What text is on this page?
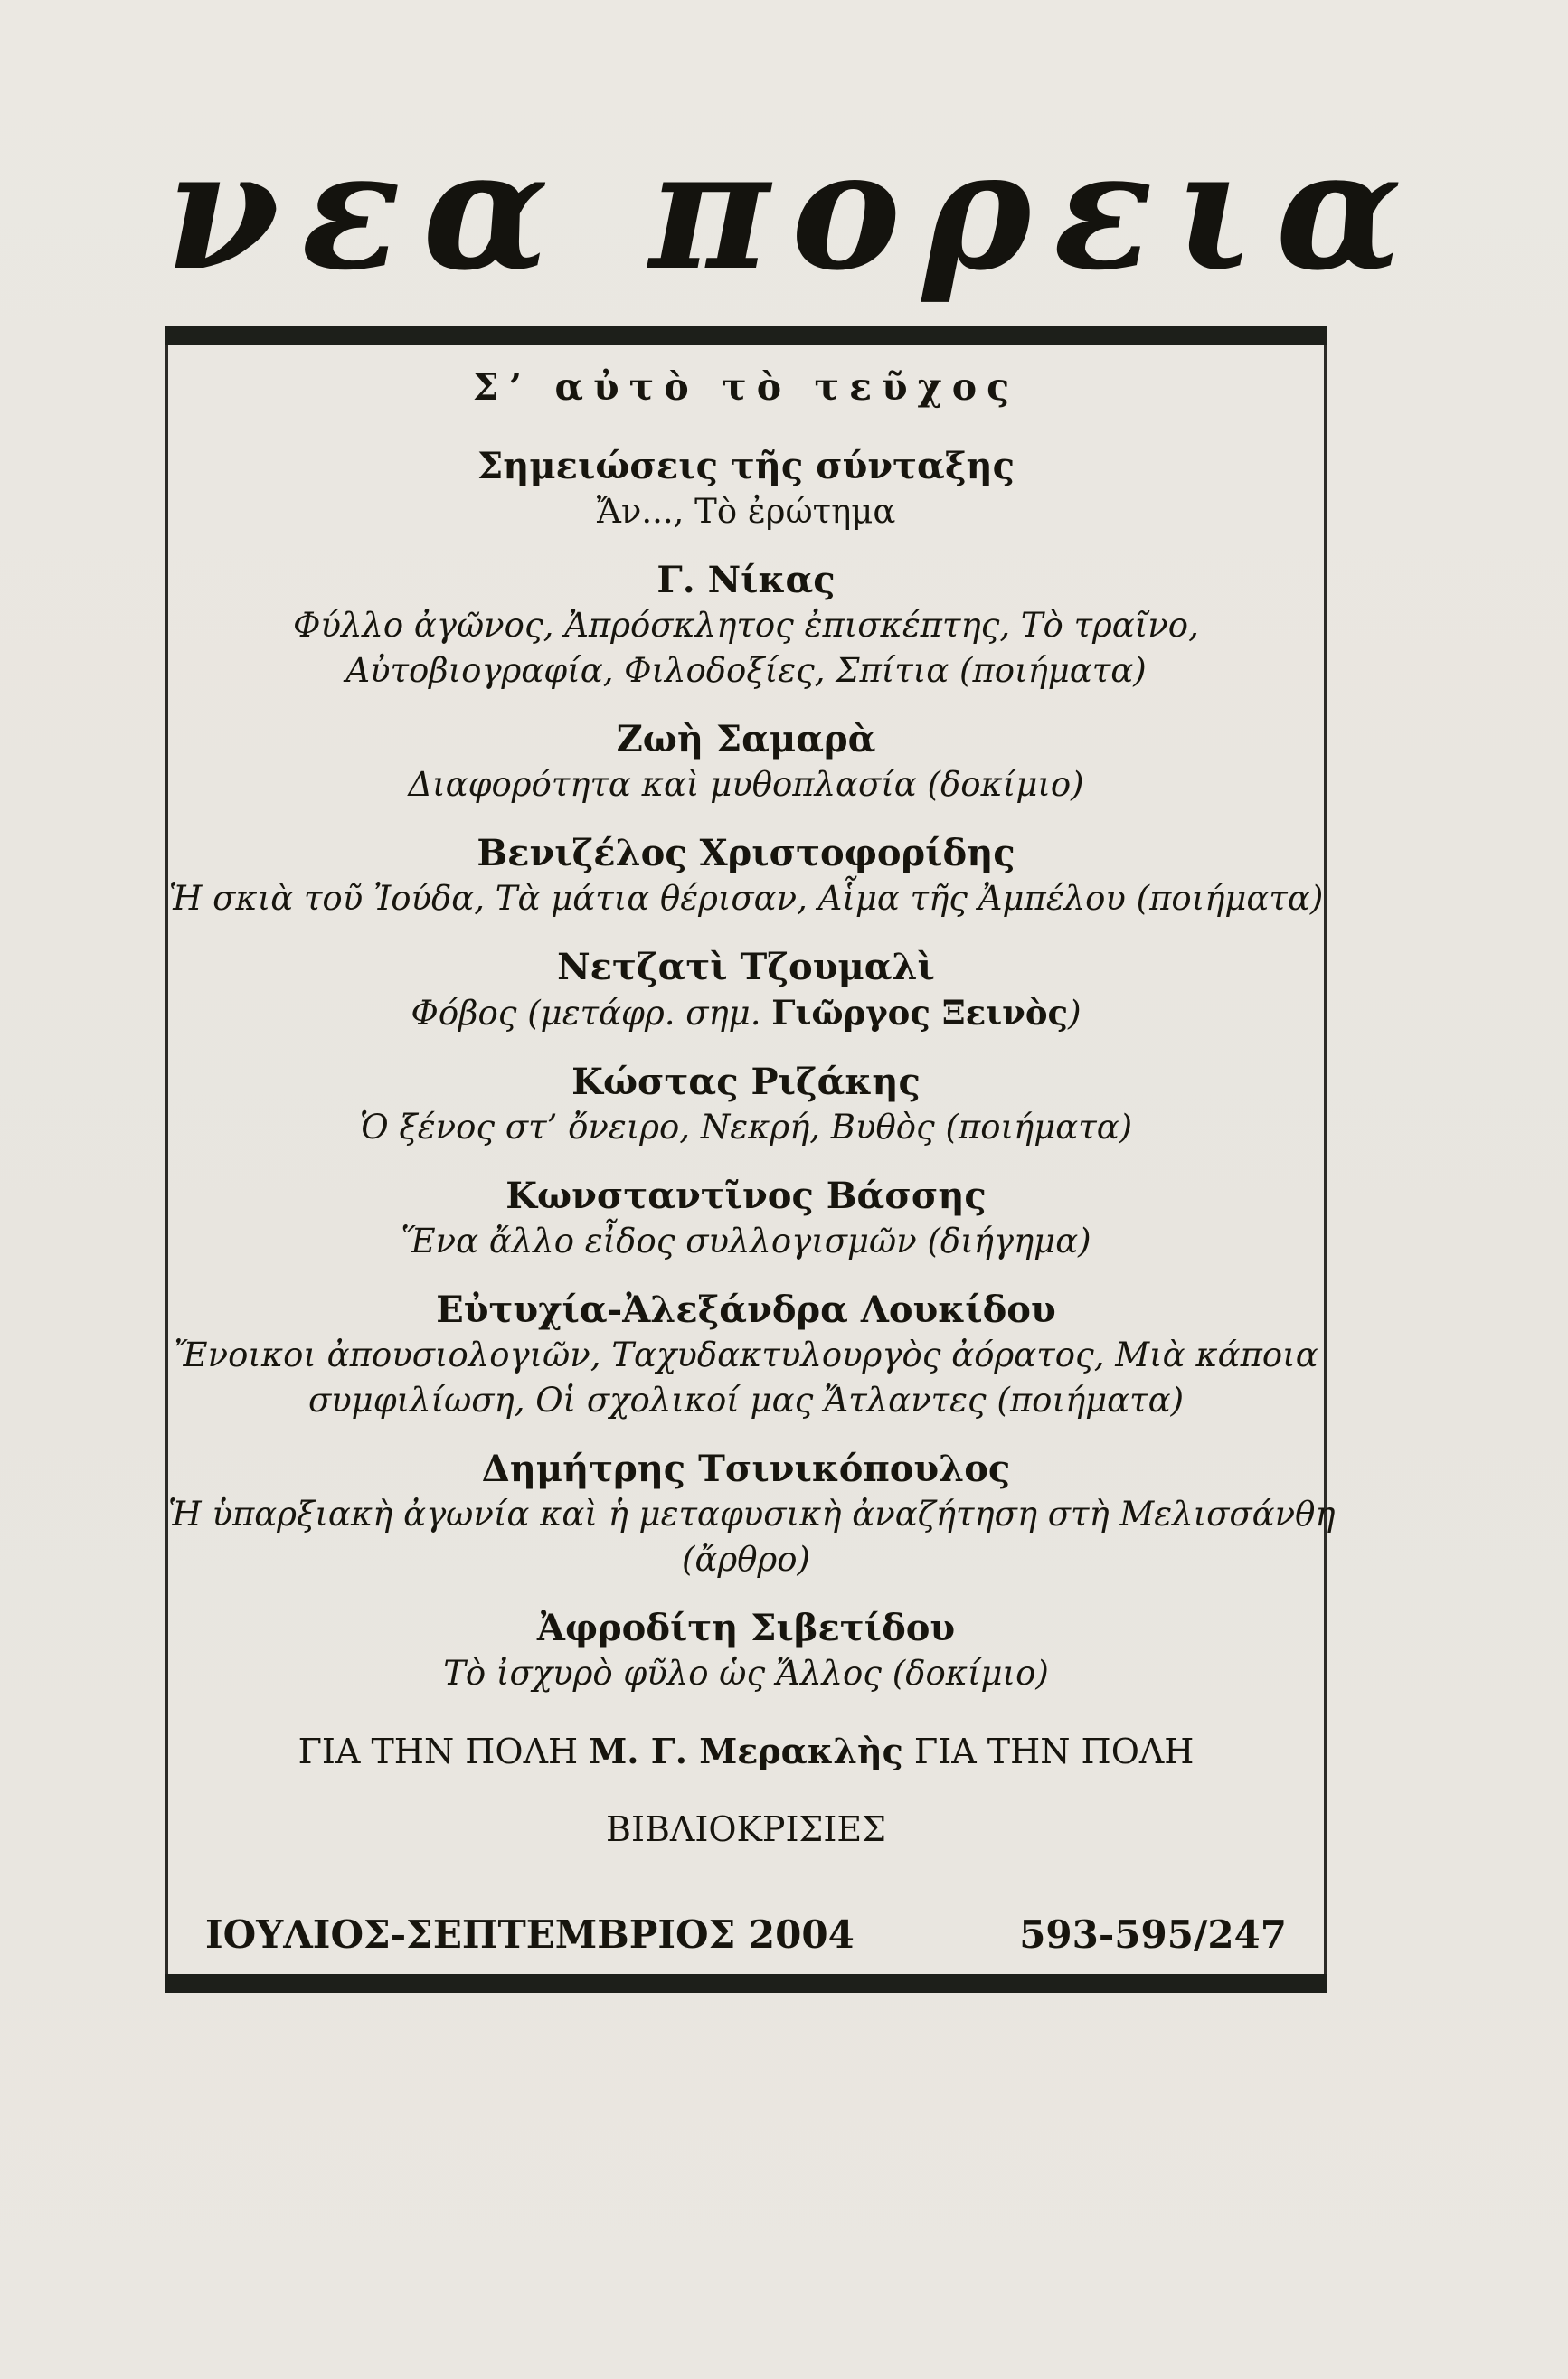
νεα πορεια
Σ’ αὐτὸ τὸ τεῦχος
Σημειώσεις τῆς σύνταξης
Ἄν..., Τὸ ἐρώτημα
Γ. Νίκας
Φύλλο ἀγῶνος, Ἀπρόσκλητος ἐπισκέπτης, Τὸ τραῖνο,
Αὐτοβιογραφία, Φιλοδοξίες, Σπίτια (ποιήματα)
Ζωὴ Σαμαρὰ
Διαφορότητα καὶ μυθοπλασία (δοκίμιο)
Βενιζέλος Χριστοφορίδης
Ἡ σκιὰ τοῦ Ἰούδα, Τὰ μάτια θέρισαν, Αἷμα τῆς Ἀμπέλου (ποιήματα)
Νετζατὶ Τζουμαλὶ
Φόβος (μετάφρ. σημ. Γιῶργος Ξεινὸς)
Κώστας Ριζάκης
Ὁ ξένος στ’ ὄνειρο, Νεκρή, Βυθὸς (ποιήματα)
Κωνσταντῖνος Βάσσης
Ἕνα ἄλλο εἶδος συλλογισμῶν (διήγημα)
Εὐτυχία-Ἀλεξάνδρα Λουκίδου
Ἔνοικοι ἀπουσιολογιῶν, Ταχυδακτυλουργὸς ἀόρατος, Μιὰ κάποια
συμφιλίωση, Οἱ σχολικοί μας Ἄτλαντες (ποιήματα)
Δημήτρης Τσινικόπουλος
Ἡ ὑπαρξιακὴ ἀγωνία καὶ ἡ μεταφυσικὴ ἀναζήτηση στὴ Μελισσάνθη
(ἄρθρο)
Ἀφροδίτη Σιβετίδου
Τὸ ἰσχυρὸ φῦλο ὡς Ἄλλος (δοκίμιο)
ΓΙΑ ΤΗΝ ΠΟΛΗ Μ. Γ. Μερακλὴς ΓΙΑ ΤΗΝ ΠΟΛΗ
ΒΙΒΛΙΟΚΡΙΣΙΕΣ
ΙΟΥΛΙΟΣ-ΣΕΠΤΕΜΒΡΙΟΣ 2004	593-595/247
